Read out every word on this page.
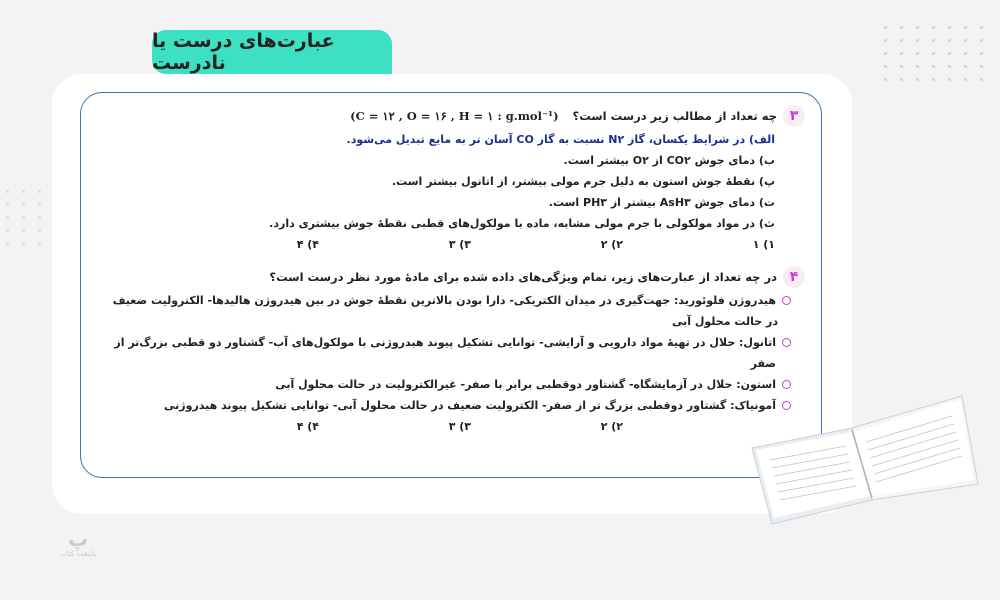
عبارت‌های درست یا نادرست
۳
چه تعداد از مطالب زیر درست است؟
(C = ۱۲ , O = ۱۶ , H = ۱ : g.mol⁻¹)
الف) در شرایط یکسان، گاز N۲ نسبت به گاز CO آسان تر به مایع تبدیل می‌شود.
ب) دمای جوش CO۲ از O۲ بیشتر است.
پ) نقطهٔ جوش استون به دلیل جرم مولی بیشتر، از اتانول بیشتر است.
ت) دمای جوش AsH۳ بیشتر از PH۳ است.
ث) در مواد مولکولی با جرم مولی مشابه، ماده با مولکول‌های قطبی نقطهٔ جوش بیشتری دارد.
۱) ۱
۲) ۲
۳) ۳
۴) ۴
۴
در چه تعداد از عبارت‌های زیر، تمام ویژگی‌های داده شده برای مادهٔ مورد نظر درست است؟
هیدروژن فلوئورید: جهت‌گیری در میدان الکتریکی- دارا بودن بالاترین نقطهٔ جوش در بین هیدروژن هالیدها- الکترولیت ضعیف
در حالت محلول آبی
اتانول: حلال در تهیهٔ مواد دارویی و آرایشی- توانایی تشکیل پیوند هیدروژنی با مولکول‌های آب- گشتاور دو قطبی بزرگ‌تر از صفر
استون: حلال در آزمایشگاه- گشتاور دوقطبی برابر با صفر- غیرالکترولیت در حالت محلول آبی
آمونیاک: گشتاور دوقطبی بزرگ تر از صفر- الکترولیت ضعیف در حالت محلول آبی- توانایی تشکیل پیوند هیدروژنی
۲) ۲
۳) ۳
۴) ۴
پ
پایتخت کتاب
